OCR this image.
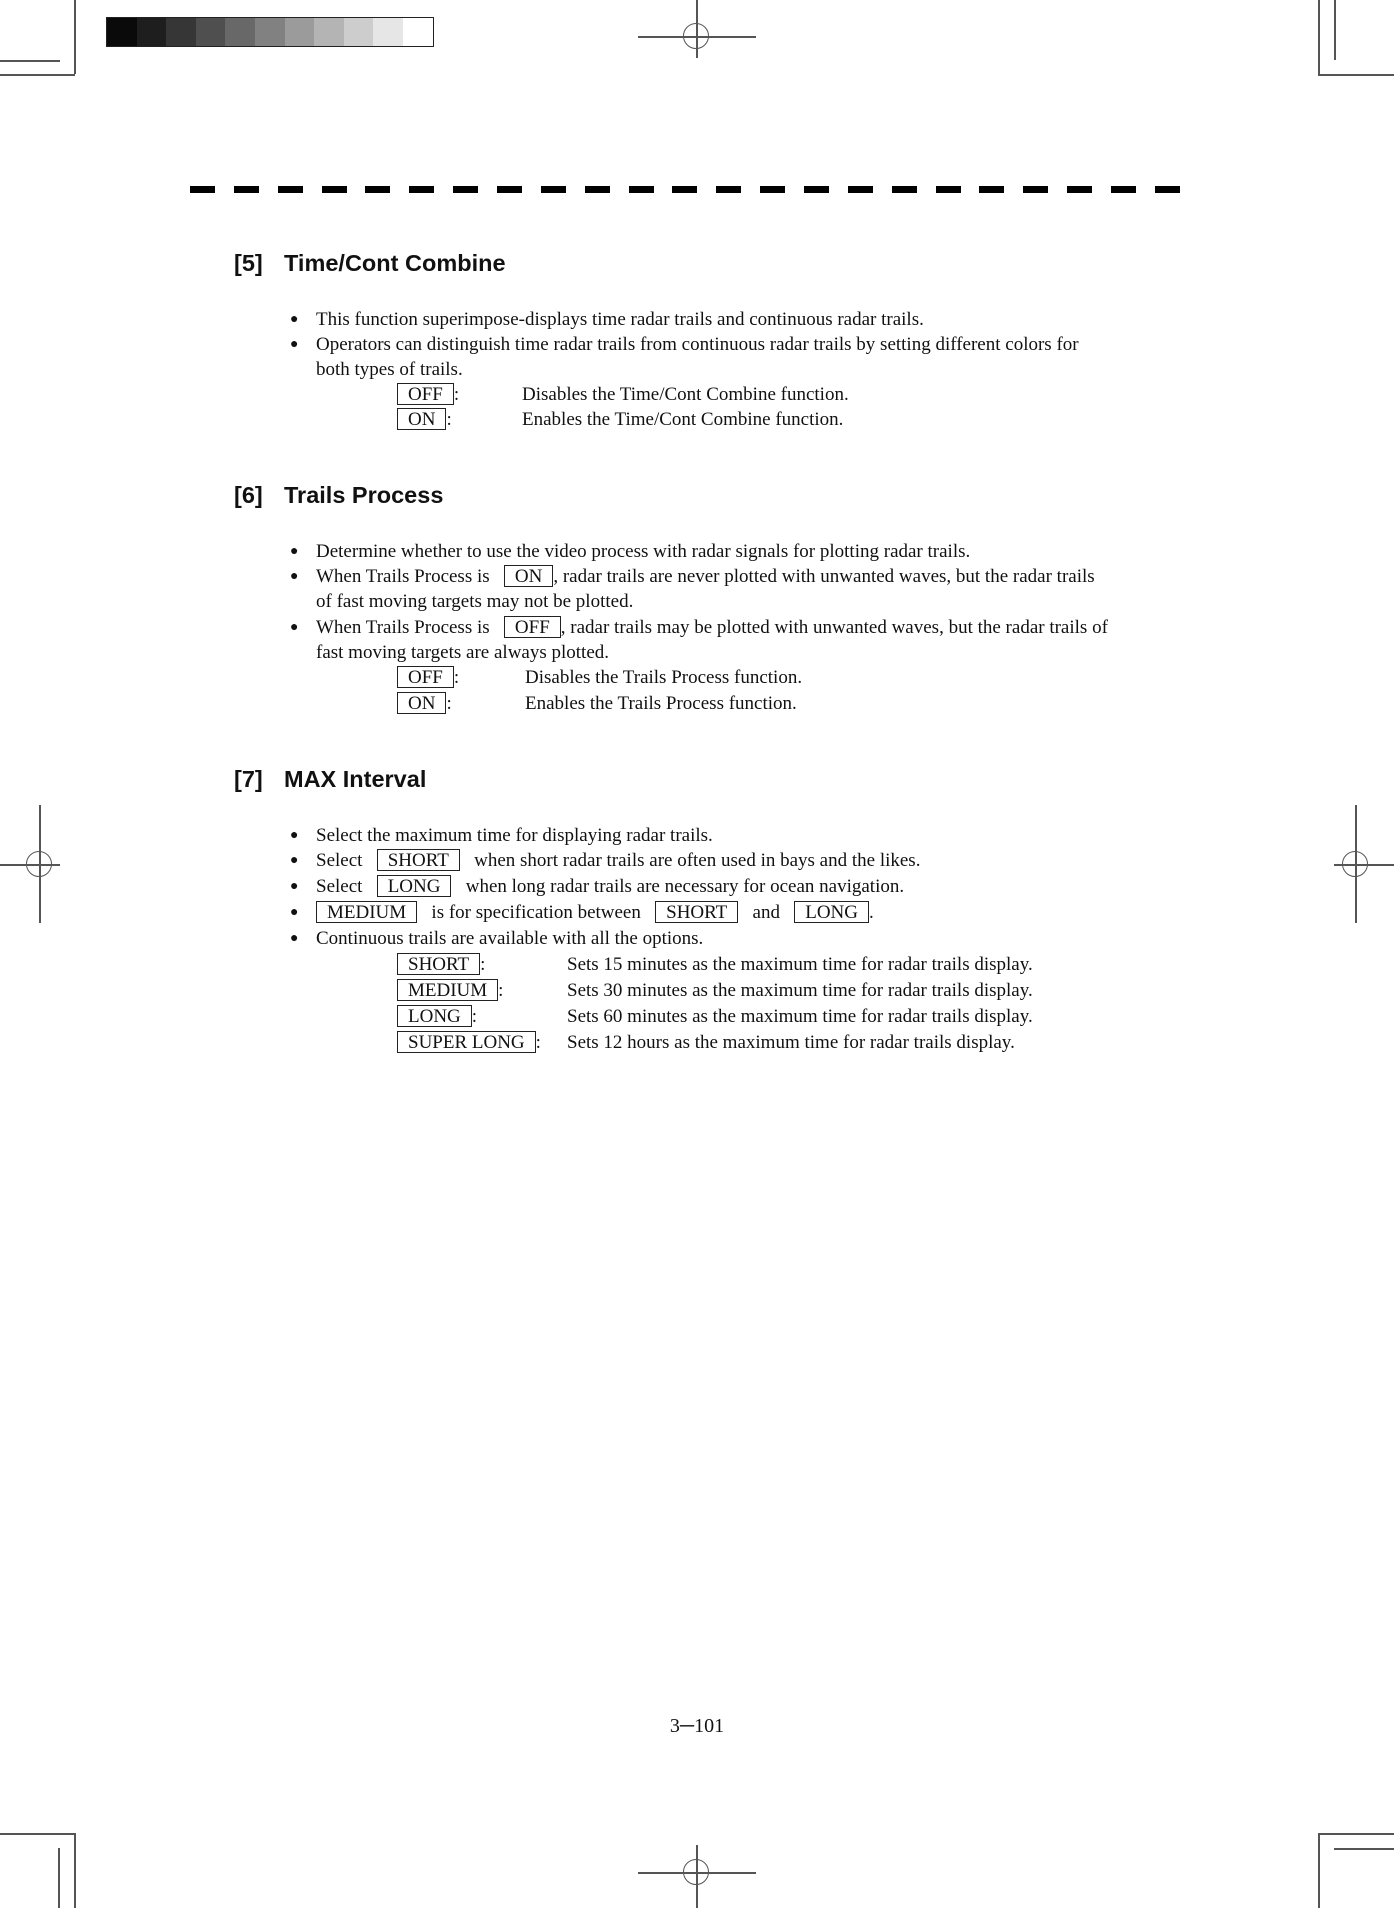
[5] Time/Cont Combine
● This function superimpose-displays time radar trails and continuous radar trails.
● Operators can distinguish time radar trails from continuous radar trails by setting different colors for
both types of trails.
OFF :	Disables the Time/Cont Combine function.
ON :	Enables the Time/Cont Combine function.
[6] Trails Process
● Determine whether to use the video process with radar signals for plotting radar trails.
● When Trails Process is ON , radar trails are never plotted with unwanted waves, but the radar trails
of fast moving targets may not be plotted.
● When Trails Process is OFF , radar trails may be plotted with unwanted waves, but the radar trails of
fast moving targets are always plotted.
OFF :	Disables the Trails Process function.
ON :	Enables the Trails Process function.
[7] MAX Interval
● Select the maximum time for displaying radar trails.
● Select SHORT when short radar trails are often used in bays and the likes.
● Select LONG when long radar trails are necessary for ocean navigation.
●	MEDIUM is for specification between SHORT and LONG .
● Continuous trails are available with all the options.
SHORT :	Sets 15 minutes as the maximum time for radar trails display.
MEDIUM :	Sets 30 minutes as the maximum time for radar trails display.
LONG :	Sets 60 minutes as the maximum time for radar trails display.
SUPER LONG : Sets 12 hours as the maximum time for radar trails display.
3─101
